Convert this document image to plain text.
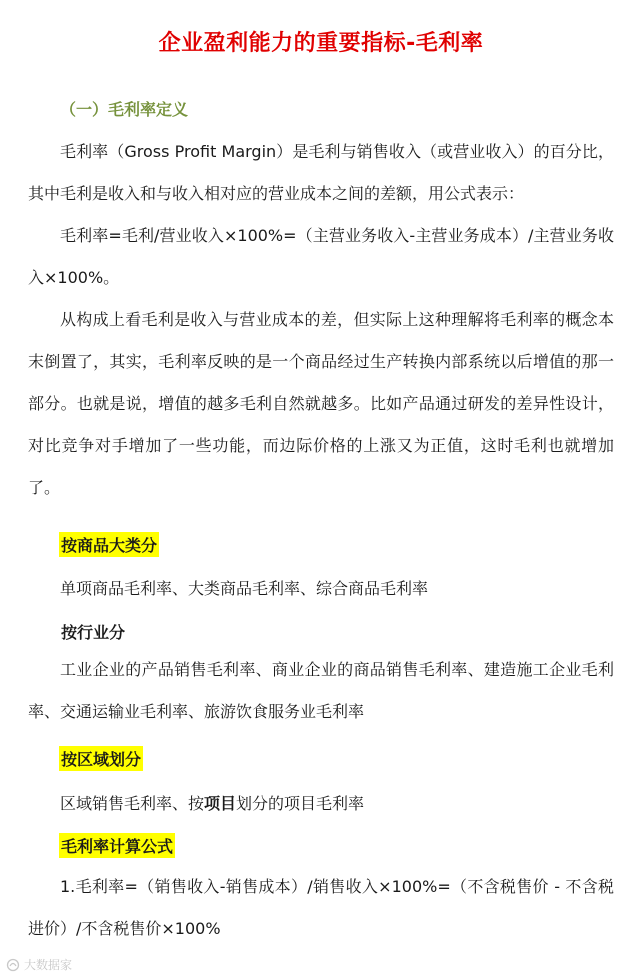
企业盈利能力的重要指标-毛利率
（一）毛利率定义

毛利率（Gross Profit Margin）是毛利与销售收入（或营业收入）的百分比，其中毛利是收入和与收入相对应的营业成本之间的差额，用公式表示：

毛利率=毛利/营业收入×100%=（主营业务收入-主营业务成本）/主营业务收入×100%。

从构成上看毛利是收入与营业成本的差，但实际上这种理解将毛利率的概念本末倒置了，其实，毛利率反映的是一个商品经过生产转换内部系统以后增值的那一部分。也就是说，增值的越多毛利自然就越多。比如产品通过研发的差异性设计，对比竞争对手增加了一些功能，而边际价格的上涨又为正值，这时毛利也就增加了。

按商品大类分
单项商品毛利率、大类商品毛利率、综合商品毛利率
按行业分

工业企业的产品销售毛利率、商业企业的商品销售毛利率、建造施工企业毛利率、交通运输业毛利率、旅游饮食服务业毛利率

按区域划分
区域销售毛利率、按项目划分的项目毛利率
毛利率计算公式

1.毛利率=（销售收入-销售成本）/销售收入×100%=（不含税售价 - 不含税进价）/不含税售价×100%

大数据家
